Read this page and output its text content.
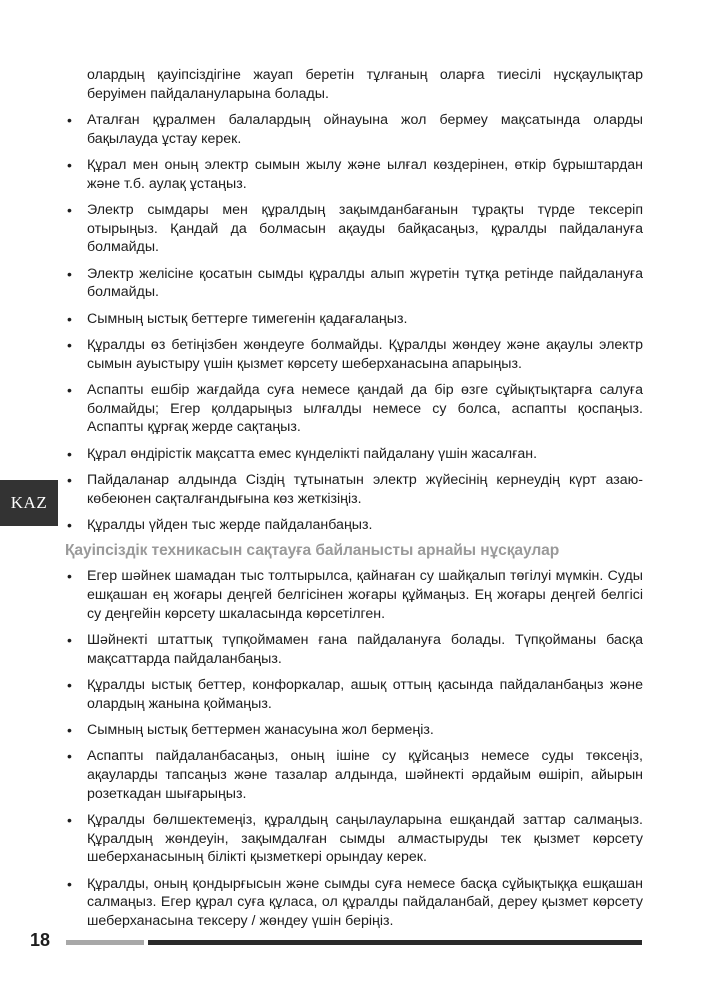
олардың қауіпсіздігіне жауап беретін тұлғаның оларға тиесілі нұсқаулықтар беруімен пайдалануларына болады.

• Аталған құралмен балалардың ойнауына жол бермеу мақсатында оларды бақылауда ұстау керек.
• Құрал мен оның электр сымын жылу және ылғал көздерінен, өткір бұрыштардан және т.б. аулақ ұстаңыз.
• Электр сымдары мен құралдың зақымданбағанын тұрақты түрде тексеріп отырыңыз. Қандай да болмасын ақауды байқасаңыз, құралды пайдалануға болмайды.
• Электр желісіне қосатын сымды құралды алып жүретін тұтқа ретінде пайдалануға болмайды.
• Сымның ыстық беттерге тимегенін қадағалаңыз.
• Құралды өз бетіңізбен жөндеуге болмайды. Құралды жөндеу және ақаулы электр сымын ауыстыру үшін қызмет көрсету шеберханасына апарыңыз.
• Аспапты ешбір жағдайда суға немесе қандай да бір өзге сұйықтықтарға салуға болмайды; Егер қолдарыңыз ылғалды немесе су болса, аспапты қоспаңыз. Аспапты құрғақ жерде сақтаңыз.
• Құрал өндірістік мақсатта емес күнделікті пайдалану үшін жасалған.
• Пайдаланар алдында Сіздің тұтынатын электр жүйесінің кернеудің күрт азаю-көбеюнен сақталғандығына көз жеткізіңіз.
• Құралды үйден тыс жерде пайдаланбаңыз.
Қауіпсіздік техникасын сақтауға байланысты арнайы нұсқаулар
• Егер шәйнек шамадан тыс толтырылса, қайнаған су шайқалып төгілуі мүмкін. Суды ешқашан ең жоғары деңгей белгісінен жоғары құймаңыз. Ең жоғары деңгей белгісі су деңгейін көрсету шкаласында көрсетілген.
• Шәйнекті штаттық түпқоймамен ғана пайдалануға болады. Түпқойманы басқа мақсаттарда пайдаланбаңыз.
• Құралды ыстық беттер, конфоркалар, ашық оттың қасында пайдаланбаңыз және олардың жанына қоймаңыз.
• Сымның ыстық беттермен жанасуына жол бермеңіз.
• Аспапты пайдаланбасаңыз, оның ішіне су құйсаңыз немесе суды төксеңіз, ақауларды тапсаңыз және тазалар алдында, шәйнекті әрдайым өшіріп, айырын розеткадан шығарыңыз.
• Құралды бөлшектемеңіз, құралдың саңылауларына ешқандай заттар салмаңыз. Құралдың жөндеуін, зақымдалған сымды алмастыруды тек қызмет көрсету шеберханасының білікті қызметкері орындау керек.
• Құралды, оның қондырғысын және сымды суға немесе басқа сұйықтыққа ешқашан салмаңыз. Егер құрал суға құласа, ол құралды пайдаланбай, дереу қызмет көрсету шеберханасына тексеру / жөндеу үшін беріңіз.
KAZ
18
